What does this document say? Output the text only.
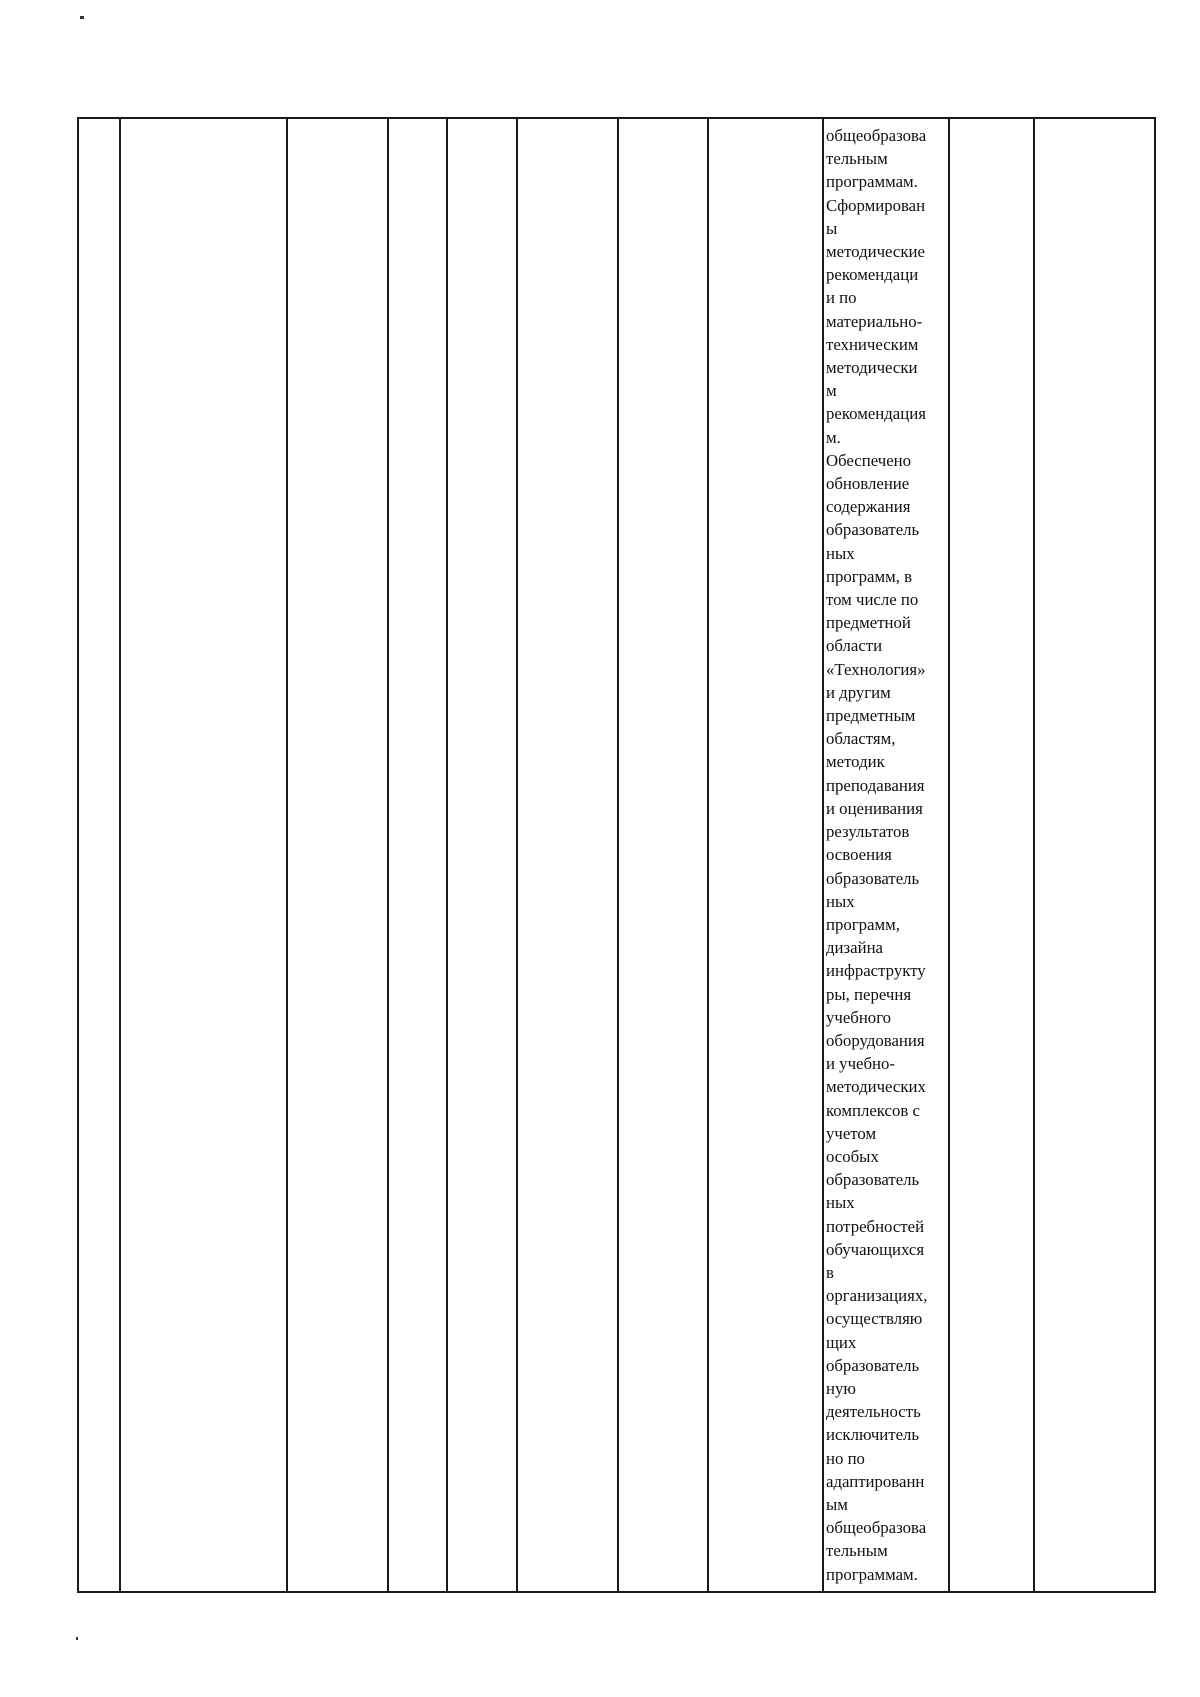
общеобразова
тельным
программам.
Сформирован
ы
методические
рекомендаци
и по
материально-
техническим
методически
м
рекомендация
м.
Обеспечено
обновление
содержания
образователь
ных
программ, в
том числе по
предметной
области
«Технология»
и другим
предметным
областям,
методик
преподавания
и оценивания
результатов
освоения
образователь
ных
программ,
дизайна
инфраструкту
ры, перечня
учебного
оборудования
и учебно-
методических
комплексов с
учетом
особых
образователь
ных
потребностей
обучающихся
в
организациях,
осуществляю
щих
образователь
ную
деятельность
исключитель
но по
адаптированн
ым
общеобразова
тельным
программам.
